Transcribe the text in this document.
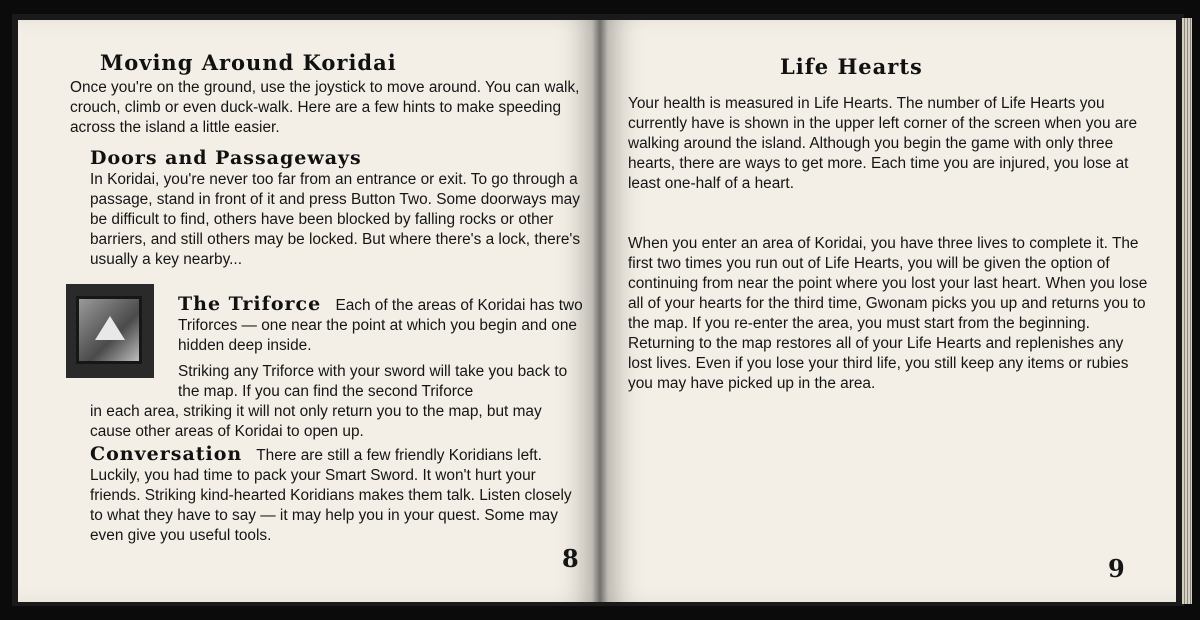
Moving Around Koridai

Once you're on the ground, use the joystick to move around. You can walk, crouch, climb or even duck-walk. Here are a few hints to make speeding across the island a little easier.

Doors and Passageways
In Koridai, you're never too far from an entrance or exit. To go through a passage, stand in front of it and press Button Two. Some doorways may be difficult to find, others have been blocked by falling rocks or other barriers, and still others may be locked. But where there's a lock, there's usually a key nearby...
The Triforce Each of the areas of Koridai has two Triforces — one near the point at which you begin and one hidden deep inside.
Striking any Triforce with your sword will take you back to the map. If you can find the second Triforce
in each area, striking it will not only return you to the map, but may cause other areas of Koridai to open up.
Conversation There are still a few friendly Koridians left. Luckily, you had time to pack your Smart Sword. It won't hurt your friends. Striking kind-hearted Koridians makes them talk. Listen closely to what they have to say — it may help you in your quest. Some may even give you useful tools.
8
Life Hearts

Your health is measured in Life Hearts. The number of Life Hearts you currently have is shown in the upper left corner of the screen when you are walking around the island. Although you begin the game with only three hearts, there are ways to get more. Each time you are injured, you lose at least one-half of a heart.

When you enter an area of Koridai, you have three lives to complete it. The first two times you run out of Life Hearts, you will be given the option of continuing from near the point where you lost your last heart. When you lose all of your hearts for the third time, Gwonam picks you up and returns you to the map. If you re-enter the area, you must start from the beginning. Returning to the map restores all of your Life Hearts and replenishes any lost lives. Even if you lose your third life, you still keep any items or rubies you may have picked up in the area.

9
